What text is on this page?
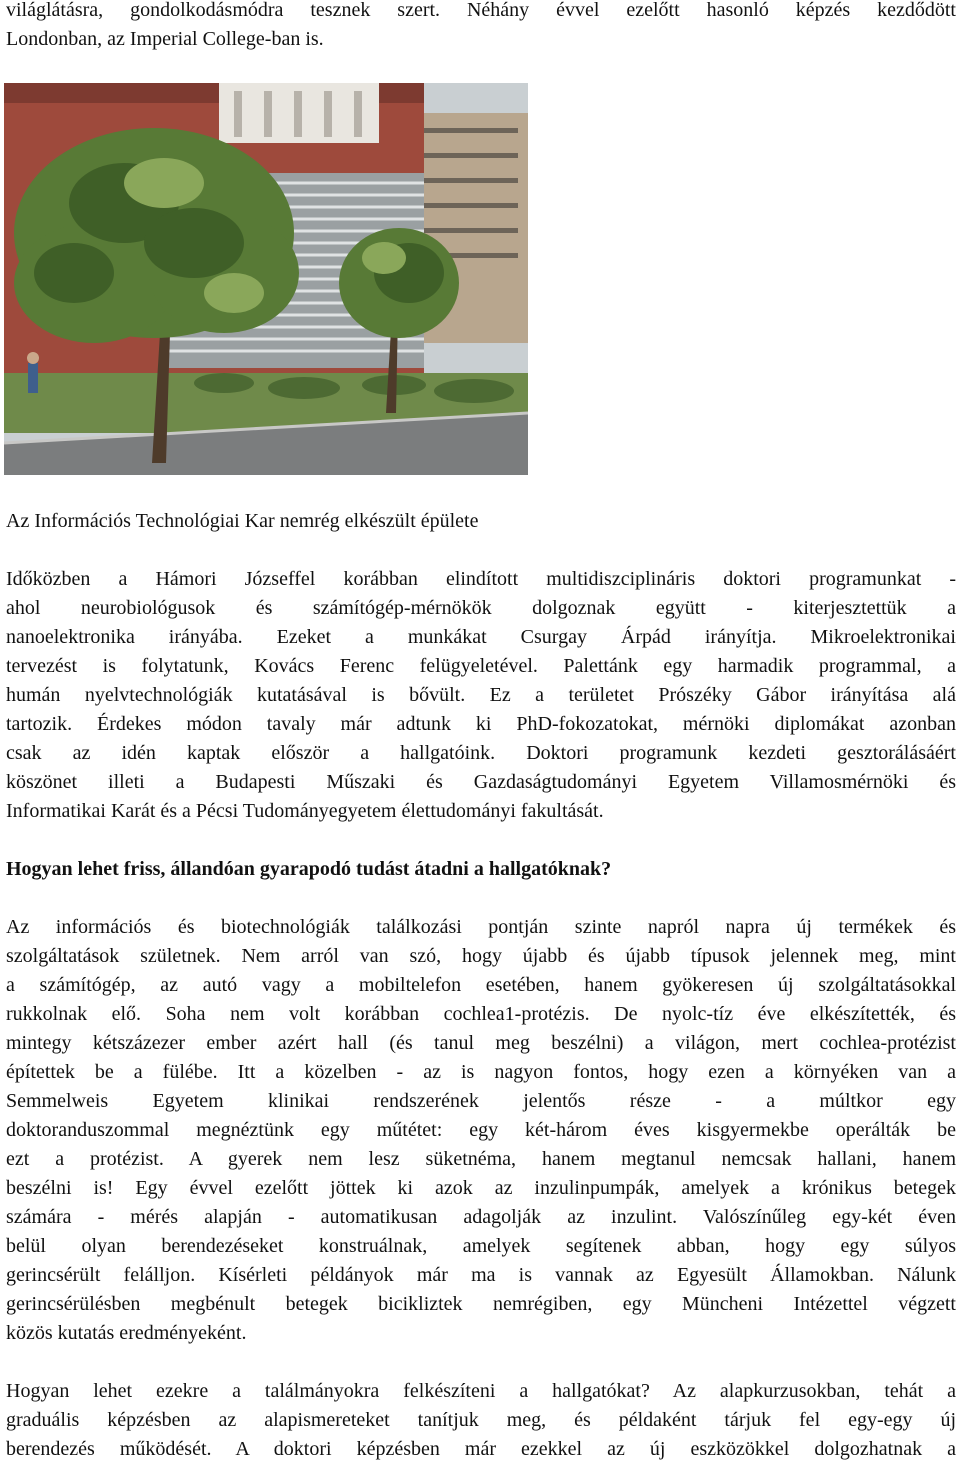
világlátásra, gondolkodásmódra tesznek szert. Néhány évvel ezelőtt hasonló képzés kezdődött
Londonban, az Imperial College-ban is.
Az Információs Technológiai Kar nemrég elkészült épülete
Időközben a Hámori Józseffel korábban elindított multidiszciplináris doktori programunkat -
ahol neurobiológusok és számítógép-mérnökök dolgoznak együtt - kiterjesztettük a
nanoelektronika irányába. Ezeket a munkákat Csurgay Árpád irányítja. Mikroelektronikai
tervezést is folytatunk, Kovács Ferenc felügyeletével. Palettánk egy harmadik programmal, a
humán nyelvtechnológiák kutatásával is bővült. Ez a területet Prószéky Gábor irányítása alá
tartozik. Érdekes módon tavaly már adtunk ki PhD-fokozatokat, mérnöki diplomákat azonban
csak az idén kaptak először a hallgatóink. Doktori programunk kezdeti gesztorálásáért
köszönet illeti a Budapesti Műszaki és Gazdaságtudományi Egyetem Villamosmérnöki és
Informatikai Karát és a Pécsi Tudományegyetem élettudományi fakultását.
Hogyan lehet friss, állandóan gyarapodó tudást átadni a hallgatóknak?
Az információs és biotechnológiák találkozási pontján szinte napról napra új termékek és
szolgáltatások születnek. Nem arról van szó, hogy újabb és újabb típusok jelennek meg, mint
a számítógép, az autó vagy a mobiltelefon esetében, hanem gyökeresen új szolgáltatásokkal
rukkolnak elő. Soha nem volt korábban cochlea1-protézis. De nyolc-tíz éve elkészítették, és
mintegy kétszázezer ember azért hall (és tanul meg beszélni) a világon, mert cochlea-protézist
építettek be a fülébe. Itt a közelben - az is nagyon fontos, hogy ezen a környéken van a
Semmelweis Egyetem klinikai rendszerének jelentős része - a múltkor egy
doktoranduszommal megnéztünk egy műtétet: egy két-három éves kisgyermekbe operálták be
ezt a protézist. A gyerek nem lesz süketnéma, hanem megtanul nemcsak hallani, hanem
beszélni is! Egy évvel ezelőtt jöttek ki azok az inzulinpumpák, amelyek a krónikus betegek
számára - mérés alapján - automatikusan adagolják az inzulint. Valószínűleg egy-két éven
belül olyan berendezéseket konstruálnak, amelyek segítenek abban, hogy egy súlyos
gerincsérült felálljon. Kísérleti példányok már ma is vannak az Egyesült Államokban. Nálunk
gerincsérülésben megbénult betegek bicikliztek nemrégiben, egy Müncheni Intézettel végzett
közös kutatás eredményeként.
Hogyan lehet ezekre a találmányokra felkészíteni a hallgatókat? Az alapkurzusokban, tehát a
graduális képzésben az alapismereteket tanítjuk meg, és példaként tárjuk fel egy-egy új
berendezés működését. A doktori képzésben már ezekkel az új eszközökkel dolgozhatnak a
